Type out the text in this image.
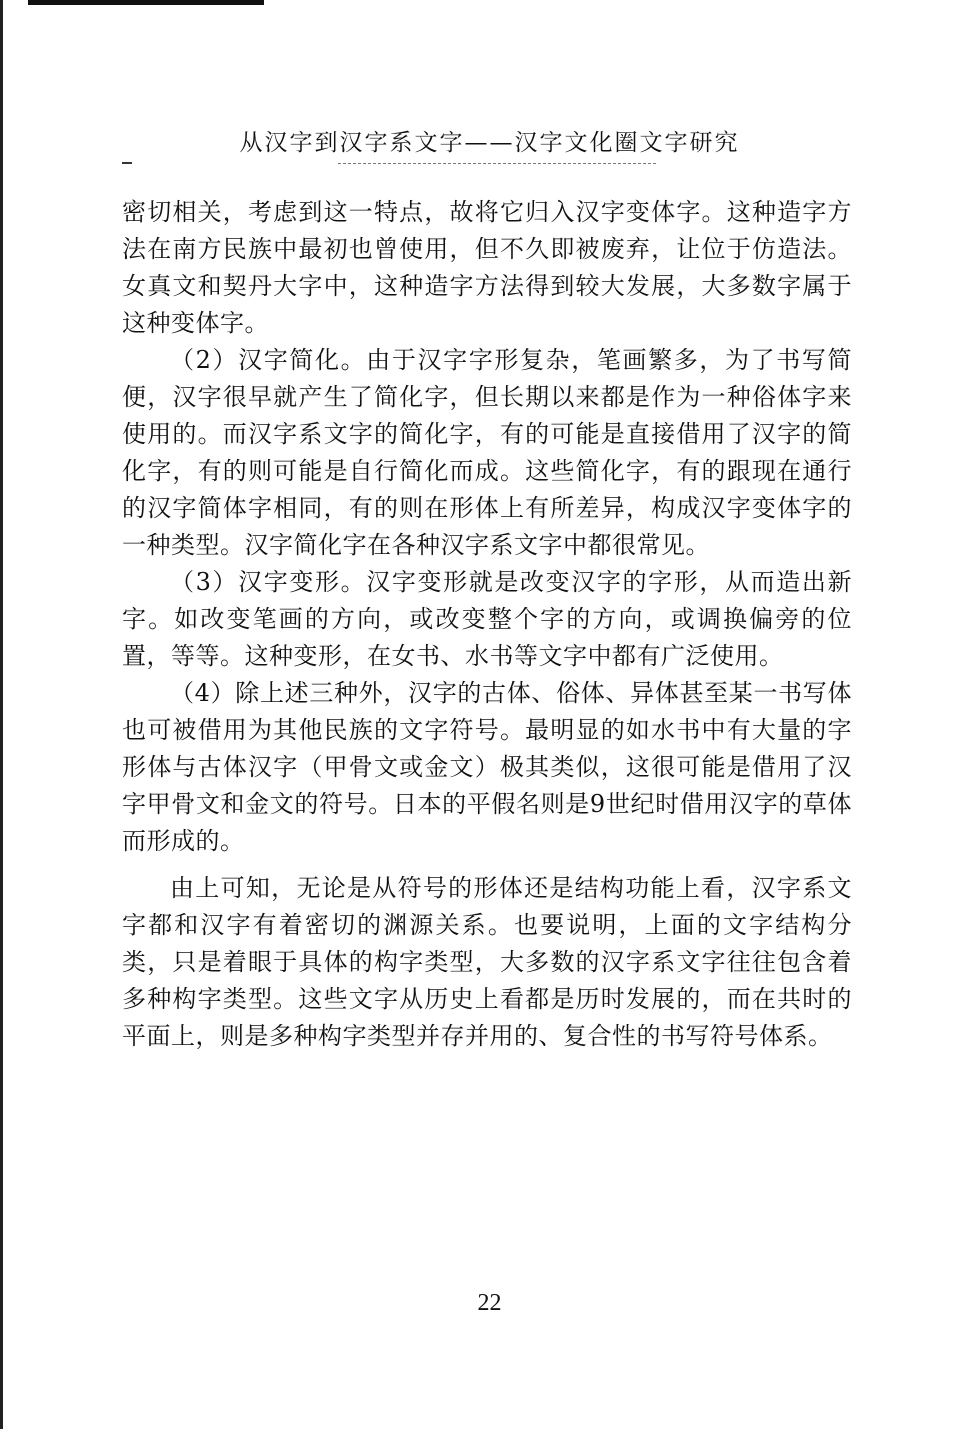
从汉字到汉字系文字——汉字文化圈文字研究

密切相关，考虑到这一特点，故将它归入汉字变体字。这种造字方法在南方民族中最初也曾使用，但不久即被废弃，让位于仿造法。女真文和契丹大字中，这种造字方法得到较大发展，大多数字属于这种变体字。

（2）汉字简化。由于汉字字形复杂，笔画繁多，为了书写简便，汉字很早就产生了简化字，但长期以来都是作为一种俗体字来使用的。而汉字系文字的简化字，有的可能是直接借用了汉字的简化字，有的则可能是自行简化而成。这些简化字，有的跟现在通行的汉字简体字相同，有的则在形体上有所差异，构成汉字变体字的一种类型。汉字简化字在各种汉字系文字中都很常见。

（3）汉字变形。汉字变形就是改变汉字的字形，从而造出新字。如改变笔画的方向，或改变整个字的方向，或调换偏旁的位置，等等。这种变形，在女书、水书等文字中都有广泛使用。

（4）除上述三种外，汉字的古体、俗体、异体甚至某一书写体也可被借用为其他民族的文字符号。最明显的如水书中有大量的字形体与古体汉字（甲骨文或金文）极其类似，这很可能是借用了汉字甲骨文和金文的符号。日本的平假名则是9世纪时借用汉字的草体而形成的。

由上可知，无论是从符号的形体还是结构功能上看，汉字系文字都和汉字有着密切的渊源关系。也要说明，上面的文字结构分类，只是着眼于具体的构字类型，大多数的汉字系文字往往包含着多种构字类型。这些文字从历史上看都是历时发展的，而在共时的平面上，则是多种构字类型并存并用的、复合性的书写符号体系。

22
